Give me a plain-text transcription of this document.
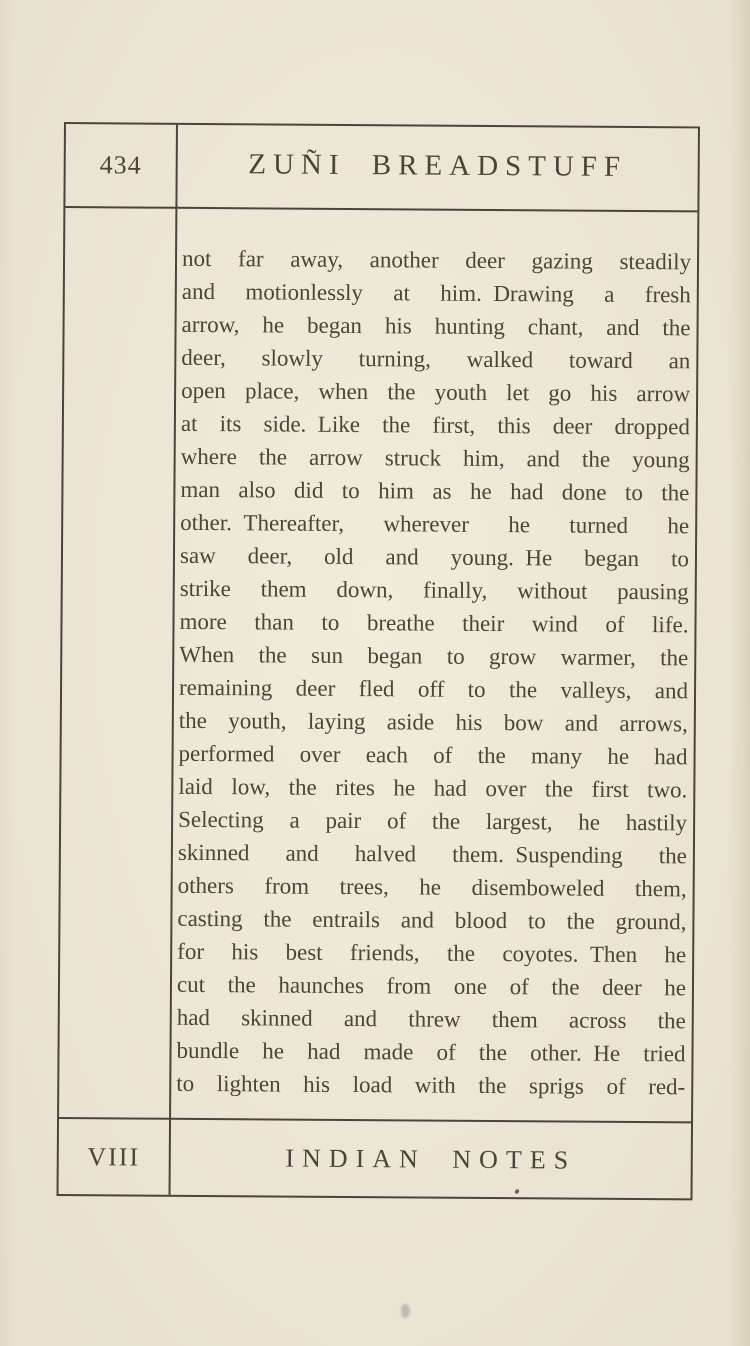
434	ZUÑI BREADSTUFF
not far away, another deer gazing steadily
and motionlessly at him. Drawing a fresh
arrow, he began his hunting chant, and the
deer, slowly turning, walked toward an
open place, when the youth let go his arrow
at its side. Like the first, this deer dropped
where the arrow struck him, and the young
man also did to him as he had done to the
other. Thereafter, wherever he turned he
saw deer, old and young. He began to
strike them down, finally, without pausing
more than to breathe their wind of life.
When the sun began to grow warmer, the
remaining deer fled off to the valleys, and
the youth, laying aside his bow and arrows,
performed over each of the many he had
laid low, the rites he had over the first two.
Selecting a pair of the largest, he hastily
skinned and halved them. Suspending the
others from trees, he disemboweled them,
casting the entrails and blood to the ground,
for his best friends, the coyotes. Then he
cut the haunches from one of the deer he
had skinned and threw them across the
bundle he had made of the other. He tried
to lighten his load with the sprigs of red-
VIII	INDIAN NOTES
